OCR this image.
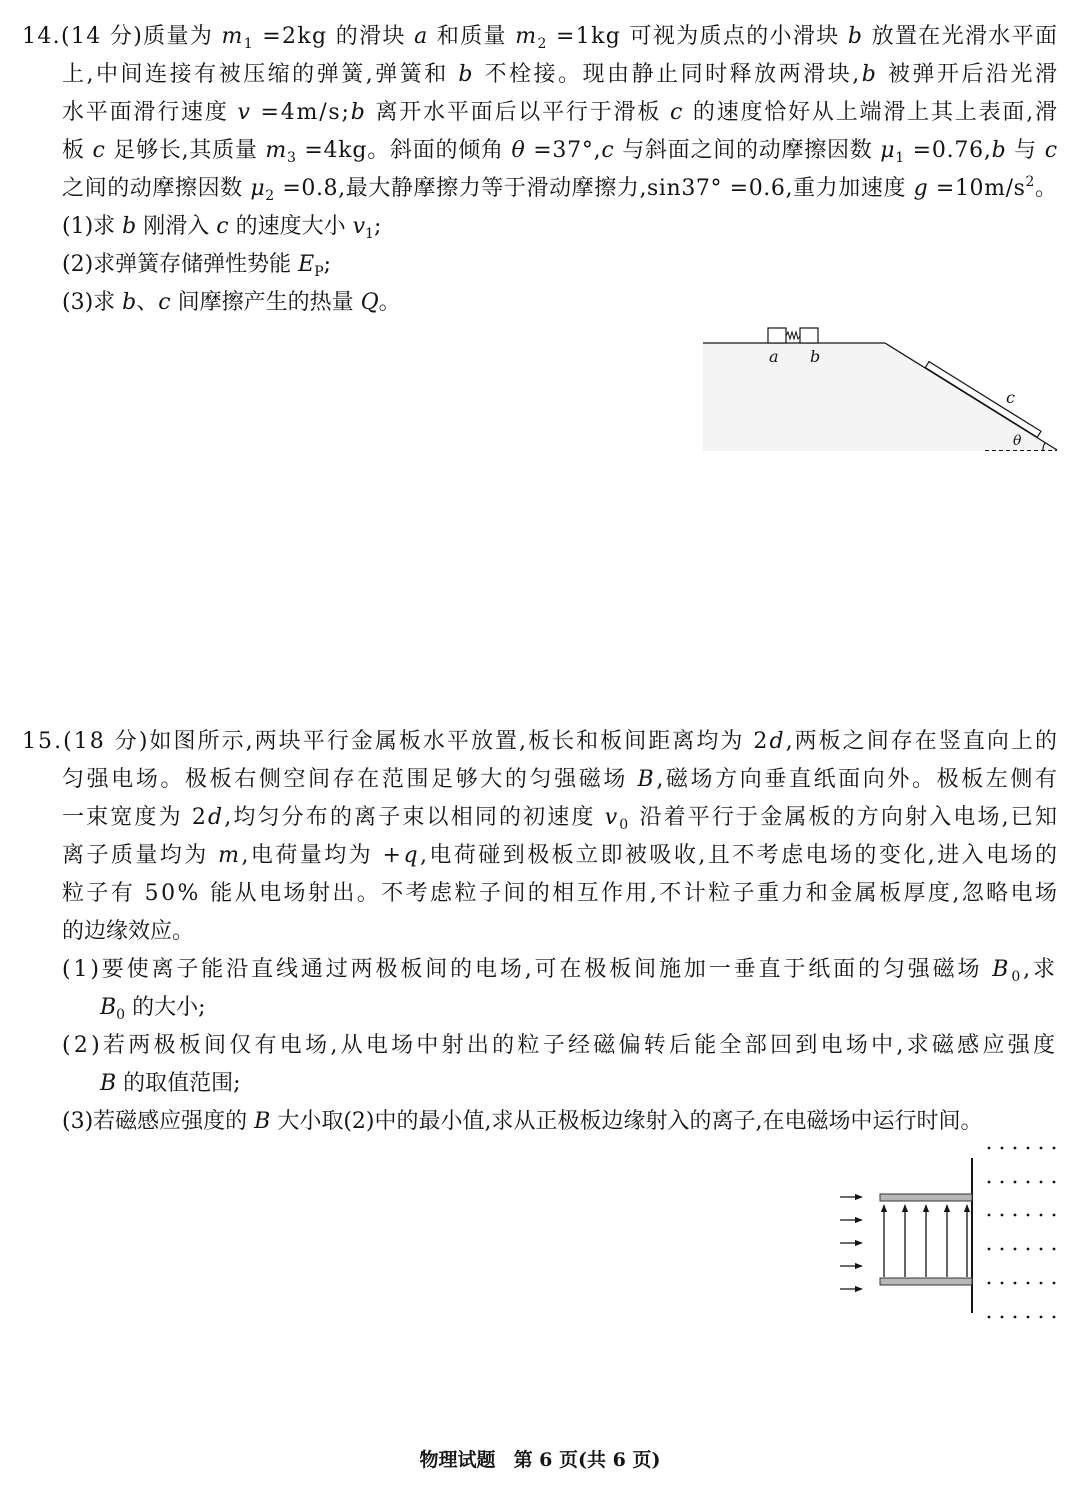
14.(14 分)质量为 $m_1 =2kg$ 的滑块 a 和质量 $m_2 =1kg$ 可视为质点的小滑块 b 放置在光滑水平面
上,中间连接有被压缩的弹簧,弹簧和 b 不栓接。现由静止同时释放两滑块,b 被弹开后沿光滑
水平面滑行速度 v =4m/s;b 离开水平面后以平行于滑板 c 的速度恰好从上端滑上其上表面,滑
板 c 足够长,其质量 $m_3 =4kg$。斜面的倾角 θ =37°,c 与斜面之间的动摩擦因数 $\mu_1 =0.76,b$ 与 c
之间的动摩擦因数 $\mu_2 =0.8$,最大静摩擦力等于滑动摩擦力,sin37° =0.6,重力加速度 $g =10m/s^2$。
(1)求 b 刚滑入 c 的速度大小 $v_1$;
(2)求弹簧存储弹性势能 $E_P$;
(3)求 b、c 间摩擦产生的热量 Q。
a b
c
θ
15.(18 分)如图所示,两块平行金属板水平放置,板长和板间距离均为 2d,两板之间存在竖直向上的
匀强电场。极板右侧空间存在范围足够大的匀强磁场 B,磁场方向垂直纸面向外。极板左侧有
一束宽度为 2d,均匀分布的离子束以相同的初速度 $v_0$ 沿着平行于金属板的方向射入电场,已知
离子质量均为 m,电荷量均为 +q,电荷碰到极板立即被吸收,且不考虑电场的变化,进入电场的
粒子有 50% 能从电场射出。不考虑粒子间的相互作用,不计粒子重力和金属板厚度,忽略电场
的边缘效应。
(1)要使离子能沿直线通过两极板间的电场,可在极板间施加一垂直于纸面的匀强磁场 $B_0$,求
$B_0$ 的大小;
(2)若两极板间仅有电场,从电场中射出的粒子经磁偏转后能全部回到电场中,求磁感应强度
B 的取值范围;
(3)若磁感应强度的 B 大小取(2)中的最小值,求从正极板边缘射入的离子,在电磁场中运行时间。
物理试题 第 6 页(共 6 页)
